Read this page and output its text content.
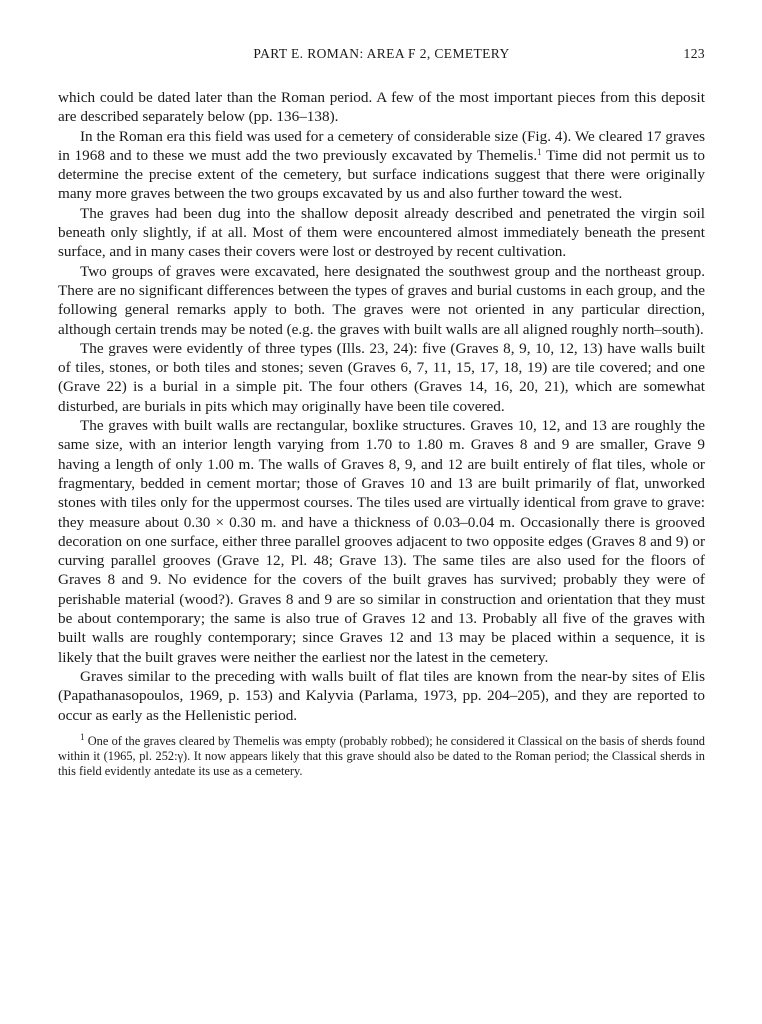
PART E. ROMAN: AREA F 2, CEMETERY	123

which could be dated later than the Roman period. A few of the most important pieces from this deposit are described separately below (pp. 136–138).

In the Roman era this field was used for a cemetery of considerable size (Fig. 4). We cleared 17 graves in 1968 and to these we must add the two previously excavated by Themelis.$^1$ Time did not permit us to determine the precise extent of the cemetery, but surface indications suggest that there were originally many more graves between the two groups excavated by us and also further toward the west.

The graves had been dug into the shallow deposit already described and penetrated the virgin soil beneath only slightly, if at all. Most of them were encountered almost immediately beneath the present surface, and in many cases their covers were lost or destroyed by recent cultivation.

Two groups of graves were excavated, here designated the southwest group and the northeast group. There are no significant differences between the types of graves and burial customs in each group, and the following general remarks apply to both. The graves were not oriented in any particular direction, although certain trends may be noted (e.g. the graves with built walls are all aligned roughly north–south).

The graves were evidently of three types (Ills. 23, 24): five (Graves 8, 9, 10, 12, 13) have walls built of tiles, stones, or both tiles and stones; seven (Graves 6, 7, 11, 15, 17, 18, 19) are tile covered; and one (Grave 22) is a burial in a simple pit. The four others (Graves 14, 16, 20, 21), which are somewhat disturbed, are burials in pits which may originally have been tile covered.

The graves with built walls are rectangular, boxlike structures. Graves 10, 12, and 13 are roughly the same size, with an interior length varying from 1.70 to 1.80 m. Graves 8 and 9 are smaller, Grave 9 having a length of only 1.00 m. The walls of Graves 8, 9, and 12 are built entirely of flat tiles, whole or fragmentary, bedded in cement mortar; those of Graves 10 and 13 are built primarily of flat, unworked stones with tiles only for the uppermost courses. The tiles used are virtually identical from grave to grave: they measure about 0.30 × 0.30 m. and have a thickness of 0.03–0.04 m. Occasionally there is grooved decoration on one surface, either three parallel grooves adjacent to two opposite edges (Graves 8 and 9) or curving parallel grooves (Grave 12, Pl. 48; Grave 13). The same tiles are also used for the floors of Graves 8 and 9. No evidence for the covers of the built graves has survived; probably they were of perishable material (wood?). Graves 8 and 9 are so similar in construction and orientation that they must be about contemporary; the same is also true of Graves 12 and 13. Probably all five of the graves with built walls are roughly contemporary; since Graves 12 and 13 may be placed within a sequence, it is likely that the built graves were neither the earliest nor the latest in the cemetery.

Graves similar to the preceding with walls built of flat tiles are known from the near-by sites of Elis (Papathanasopoulos, 1969, p. 153) and Kalyvia (Parlama, 1973, pp. 204–205), and they are reported to occur as early as the Hellenistic period.

$^1$ One of the graves cleared by Themelis was empty (probably robbed); he considered it Classical on the basis of sherds found within it (1965, pl. 252:γ). It now appears likely that this grave should also be dated to the Roman period; the Classical sherds in this field evidently antedate its use as a cemetery.
